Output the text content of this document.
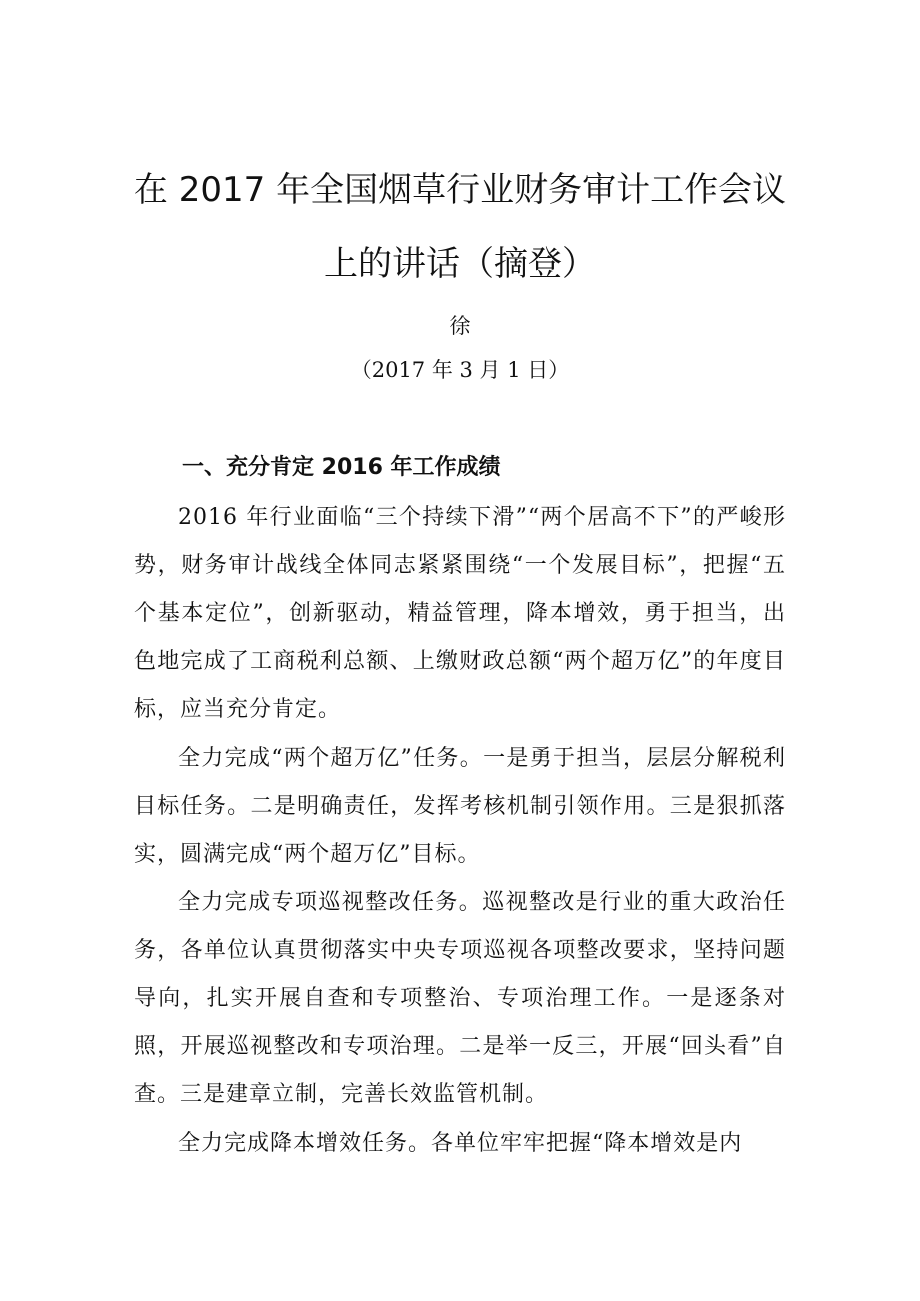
在 2017 年全国烟草行业财务审计工作会议
上的讲话（摘登）
徐
（2017 年 3 月 1 日）
一、充分肯定 2016 年工作成绩

2016 年行业面临“三个持续下滑”“两个居高不下”的严峻形势，财务审计战线全体同志紧紧围绕“一个发展目标”，把握“五个基本定位”，创新驱动，精益管理，降本增效，勇于担当，出色地完成了工商税利总额、上缴财政总额“两个超万亿”的年度目标，应当充分肯定。

全力完成“两个超万亿”任务。一是勇于担当，层层分解税利目标任务。二是明确责任，发挥考核机制引领作用。三是狠抓落实，圆满完成“两个超万亿”目标。

全力完成专项巡视整改任务。巡视整改是行业的重大政治任务，各单位认真贯彻落实中央专项巡视各项整改要求，坚持问题导向，扎实开展自查和专项整治、专项治理工作。一是逐条对照，开展巡视整改和专项治理。二是举一反三，开展“回头看”自查。三是建章立制，完善长效监管机制。

全力完成降本增效任务。各单位牢牢把握“降本增效是内
